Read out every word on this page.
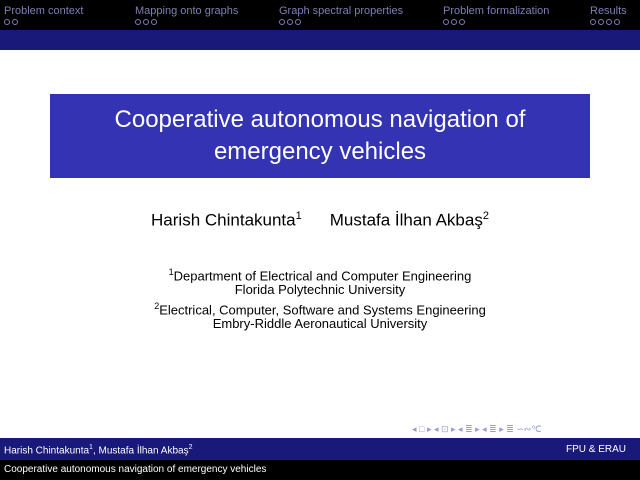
Problem context	Mapping onto graphs	Graph spectral properties	Problem formalization	Results
Cooperative autonomous navigation of
emergency vehicles
Harish Chintakunta$^1$ Mustafa İlhan Akbaş$^2$
$^1$Department of Electrical and Computer Engineering
Florida Polytechnic University
$^2$Electrical, Computer, Software and Systems Engineering
Embry-Riddle Aeronautical University
◂ □ ▸ ◂ ⊡ ▸ ◂ ≣ ▸ ◂ ≣ ▸ ≣ ∽∾℃
Harish Chintakunta$^1$, Mustafa İlhan Akbaş$^2$	FPU & ERAU
Cooperative autonomous navigation of emergency vehicles
